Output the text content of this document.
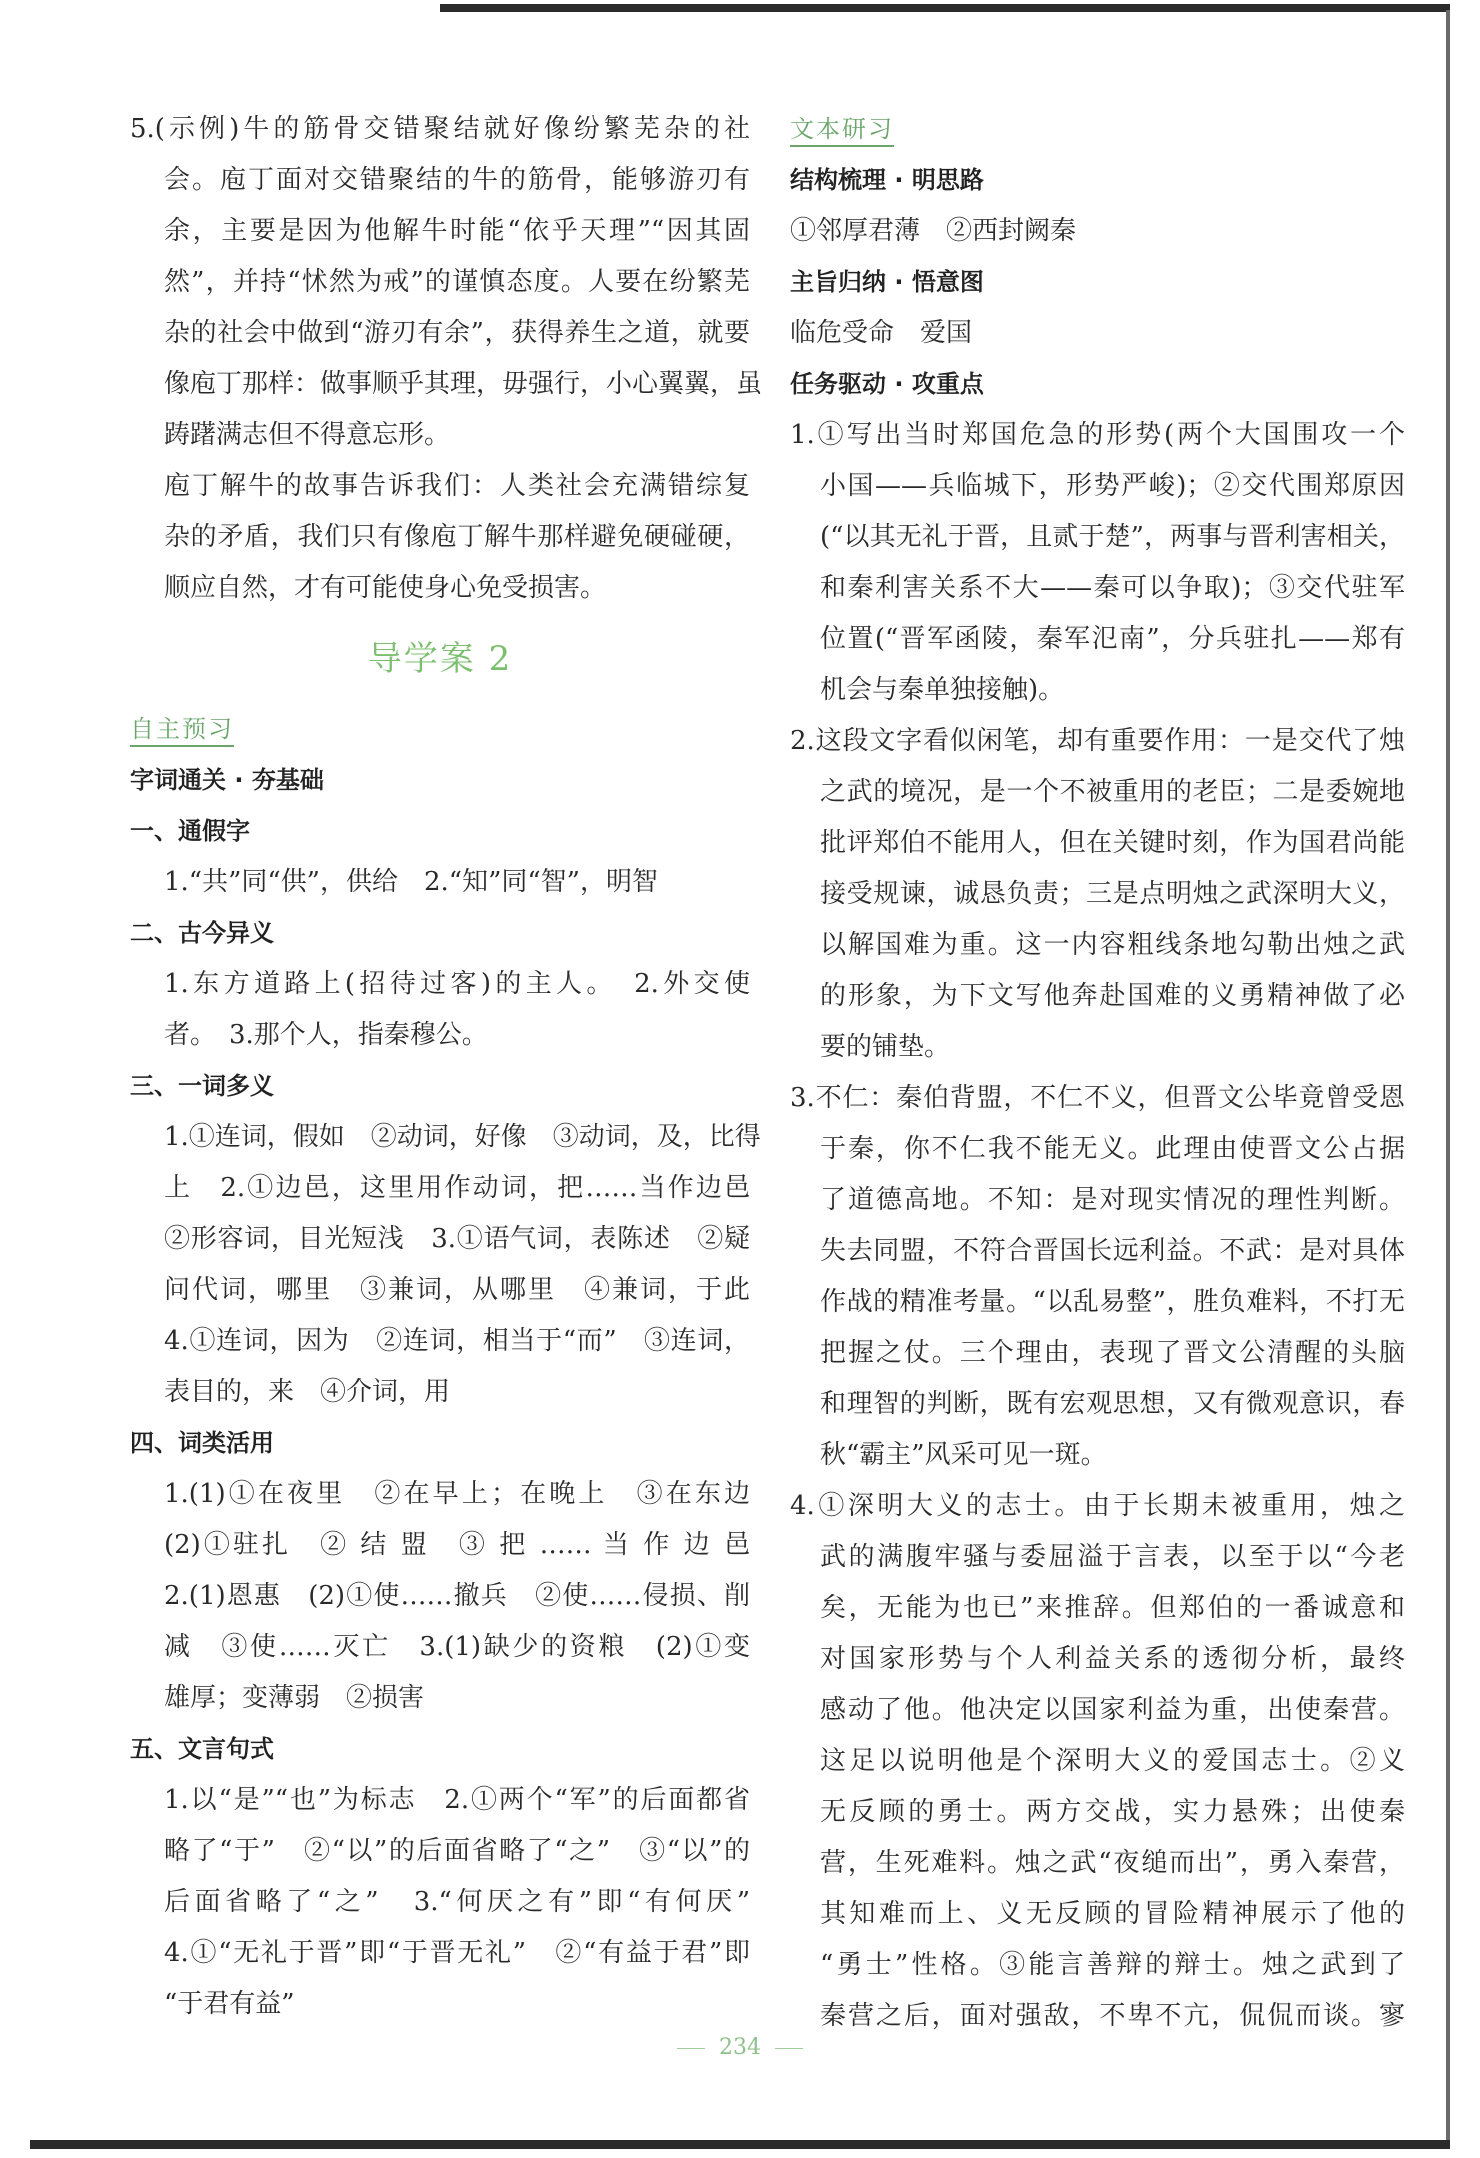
5.(示例)牛的筋骨交错聚结就好像纷繁芜杂的社
会。庖丁面对交错聚结的牛的筋骨，能够游刃有
余，主要是因为他解牛时能“依乎天理”“因其固
然”，并持“怵然为戒”的谨慎态度。人要在纷繁芜
杂的社会中做到“游刃有余”，获得养生之道，就要
像庖丁那样：做事顺乎其理，毋强行，小心翼翼，虽
踌躇满志但不得意忘形。
庖丁解牛的故事告诉我们：人类社会充满错综复
杂的矛盾，我们只有像庖丁解牛那样避免硬碰硬，
顺应自然，才有可能使身心免受损害。
导学案 2
自主预习
字词通关 · 夯基础
一、通假字
1.“共”同“供”，供给　2.“知”同“智”，明智
二、古今异义
1.东方道路上(招待过客)的主人。　2.外交使
者。　3.那个人，指秦穆公。
三、一词多义
1.①连词，假如　②动词，好像　③动词，及，比得
上　2.①边邑，这里用作动词，把……当作边邑
②形容词，目光短浅　3.①语气词，表陈述　②疑
问代词，哪里　③兼词，从哪里　④兼词，于此
4.①连词，因为　②连词，相当于“而”　③连词，
表目的，来　④介词，用
四、词类活用
1.(1)①在夜里　②在早上；在晚上　③在东边
(2)①驻扎　② 结 盟　③ 把 …… 当 作 边 邑
2.(1)恩惠　(2)①使……撤兵　②使……侵损、削
减　③使……灭亡　3.(1)缺少的资粮　(2)①变
雄厚；变薄弱　②损害
五、文言句式
1.以“是”“也”为标志　2.①两个“军”的后面都省
略了“于”　②“以”的后面省略了“之”　③“以”的
后面省略了“之”　3.“何厌之有”即“有何厌”
4.①“无礼于晋”即“于晋无礼”　②“有益于君”即
“于君有益”
文本研习
结构梳理 · 明思路
①邻厚君薄　②西封阙秦
主旨归纳 · 悟意图
临危受命　爱国
任务驱动 · 攻重点
1.①写出当时郑国危急的形势(两个大国围攻一个
小国——兵临城下，形势严峻)；②交代围郑原因
(“以其无礼于晋，且贰于楚”，两事与晋利害相关，
和秦利害关系不大——秦可以争取)；③交代驻军
位置(“晋军函陵，秦军氾南”，分兵驻扎——郑有
机会与秦单独接触)。
2.这段文字看似闲笔，却有重要作用：一是交代了烛
之武的境况，是一个不被重用的老臣；二是委婉地
批评郑伯不能用人，但在关键时刻，作为国君尚能
接受规谏，诚恳负责；三是点明烛之武深明大义，
以解国难为重。这一内容粗线条地勾勒出烛之武
的形象，为下文写他奔赴国难的义勇精神做了必
要的铺垫。
3.不仁：秦伯背盟，不仁不义，但晋文公毕竟曾受恩
于秦，你不仁我不能无义。此理由使晋文公占据
了道德高地。不知：是对现实情况的理性判断。
失去同盟，不符合晋国长远利益。不武：是对具体
作战的精准考量。“以乱易整”，胜负难料，不打无
把握之仗。三个理由，表现了晋文公清醒的头脑
和理智的判断，既有宏观思想，又有微观意识，春
秋“霸主”风采可见一斑。
4.①深明大义的志士。由于长期未被重用，烛之
武的满腹牢骚与委屈溢于言表，以至于以“今老
矣，无能为也已”来推辞。但郑伯的一番诚意和
对国家形势与个人利益关系的透彻分析，最终
感动了他。他决定以国家利益为重，出使秦营。
这足以说明他是个深明大义的爱国志士。②义
无反顾的勇士。两方交战，实力悬殊；出使秦
营，生死难料。烛之武“夜缒而出”，勇入秦营，
其知难而上、义无反顾的冒险精神展示了他的
“勇士”性格。③能言善辩的辩士。烛之武到了
秦营之后，面对强敌，不卑不亢，侃侃而谈。寥
234
